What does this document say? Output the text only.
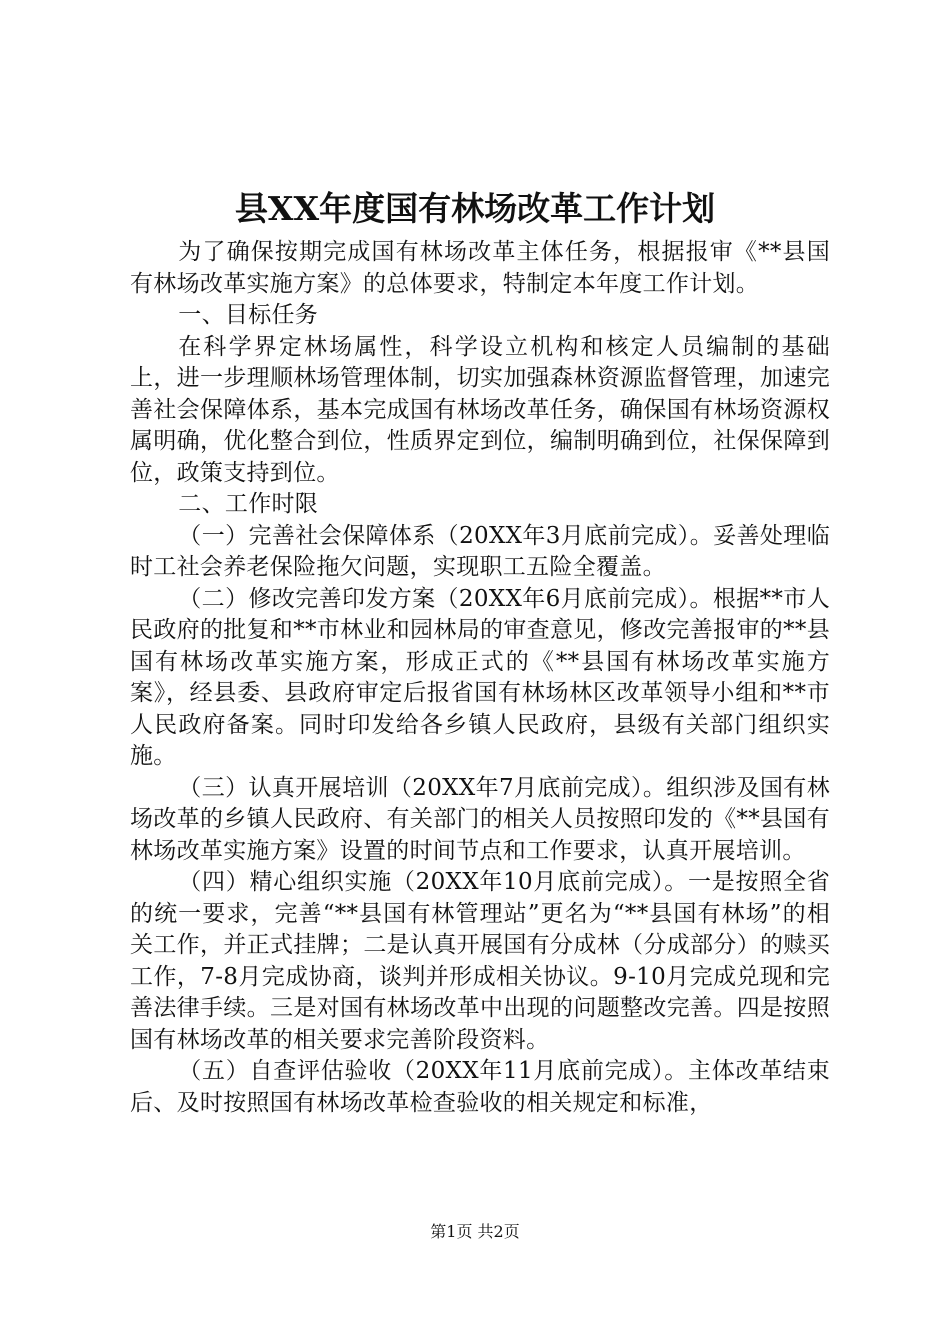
县XX年度国有林场改革工作计划

为了确保按期完成国有林场改革主体任务，根据报审《**县国有林场改革实施方案》的总体要求，特制定本年度工作计划。

一、目标任务

在科学界定林场属性，科学设立机构和核定人员编制的基础上，进一步理顺林场管理体制，切实加强森林资源监督管理，加速完善社会保障体系，基本完成国有林场改革任务，确保国有林场资源权属明确，优化整合到位，性质界定到位，编制明确到位，社保保障到位，政策支持到位。

二、工作时限

（一）完善社会保障体系（20XX年3月底前完成）。妥善处理临时工社会养老保险拖欠问题，实现职工五险全覆盖。

（二）修改完善印发方案（20XX年6月底前完成）。根据**市人民政府的批复和**市林业和园林局的审查意见，修改完善报审的**县国有林场改革实施方案，形成正式的《**县国有林场改革实施方案》，经县委、县政府审定后报省国有林场林区改革领导小组和**市人民政府备案。同时印发给各乡镇人民政府，县级有关部门组织实施。

（三）认真开展培训（20XX年7月底前完成）。组织涉及国有林场改革的乡镇人民政府、有关部门的相关人员按照印发的《**县国有林场改革实施方案》设置的时间节点和工作要求，认真开展培训。

（四）精心组织实施（20XX年10月底前完成）。一是按照全省的统一要求，完善“**县国有林管理站”更名为“**县国有林场”的相关工作，并正式挂牌；二是认真开展国有分成林（分成部分）的赎买工作，7-8月完成协商，谈判并形成相关协议。9-10月完成兑现和完善法律手续。三是对国有林场改革中出现的问题整改完善。四是按照国有林场改革的相关要求完善阶段资料。

（五）自查评估验收（20XX年11月底前完成）。主体改革结束后、及时按照国有林场改革检查验收的相关规定和标准，

第1页 共2页
